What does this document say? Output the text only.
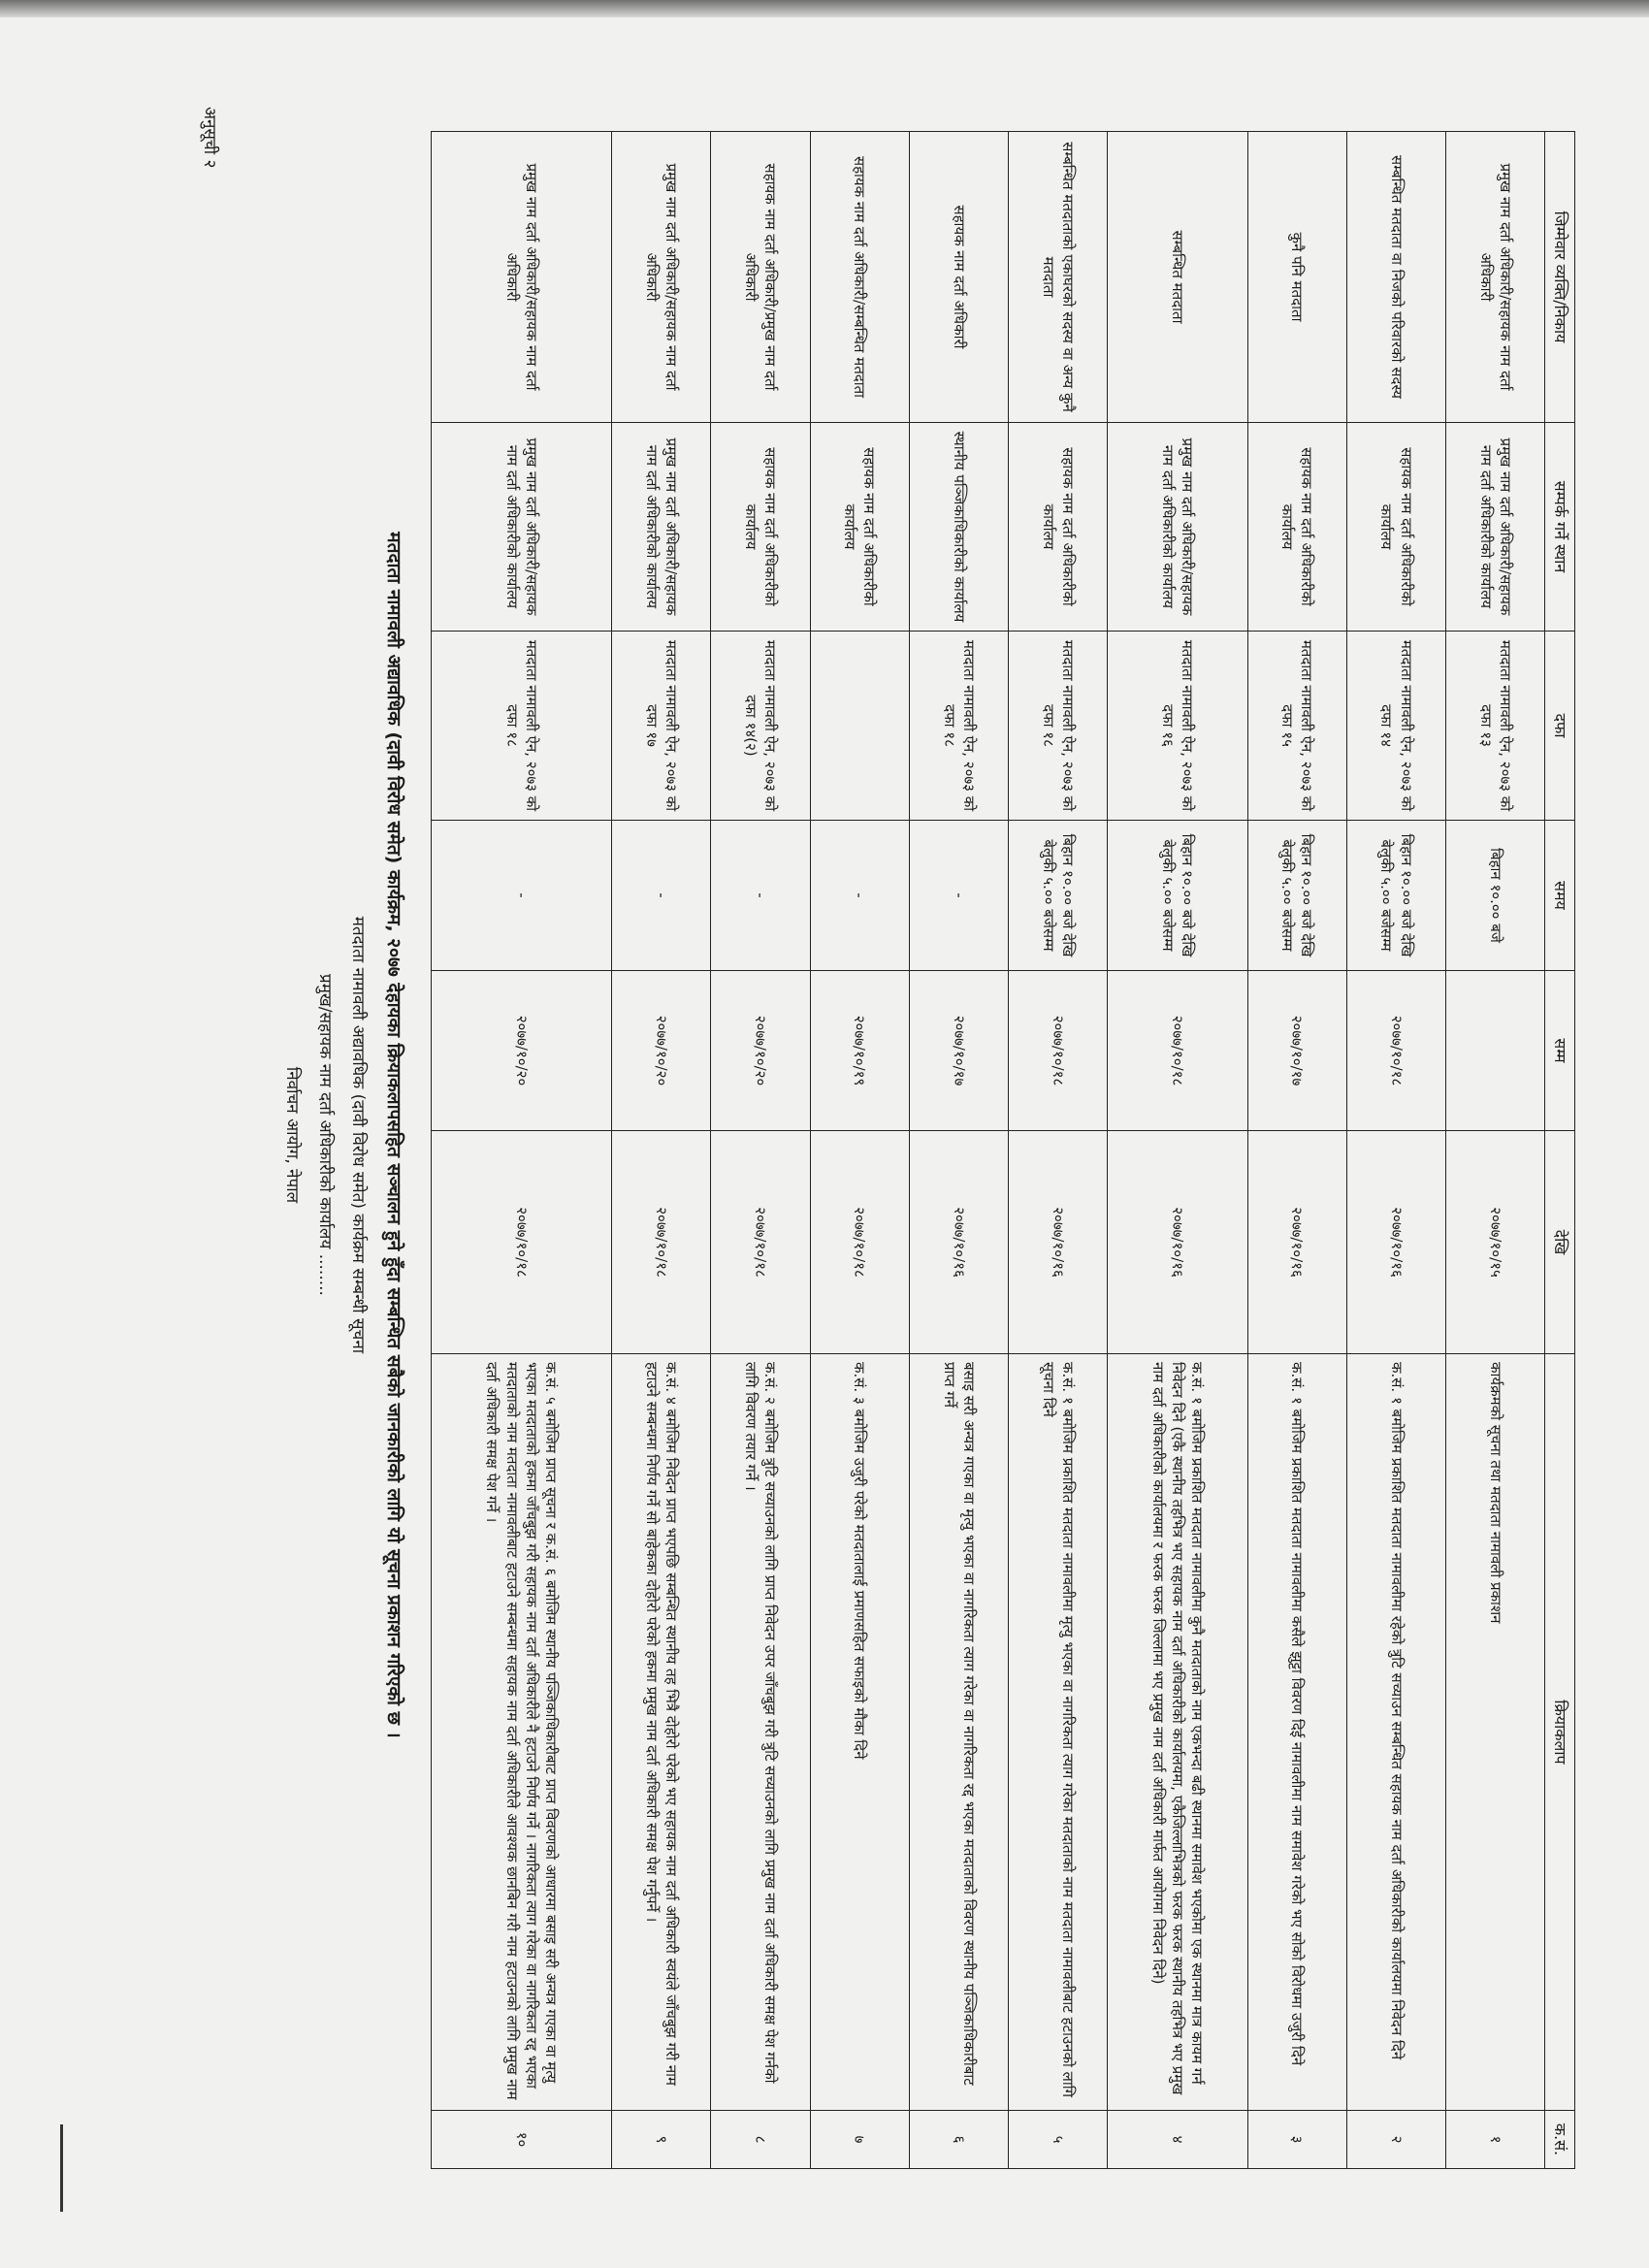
अनुसूची २
निर्वाचन आयोग, नेपाल प्रमुख/सहायक नाम दर्ता अधिकारीको कार्यालय ........ मतदाता नामावली अद्यावधिक (दावी विरोध समेत) कार्यक्रम सम्बन्धी सूचना मतदाता नामावली अद्यावधिक (दावी विरोध समेत) कार्यक्रम, २०७७ देहायका क्रियाकलापसहित सञ्चालन हुने हुँदा सम्बन्धित सबैको जानकारीको लागि यो सूचना प्रकाशन गरिएको छ ।
जिम्मेवार व्यक्ति/निकाय	सम्पर्क गर्ने स्थान	दफा	समय	सम्म	देखि	क्रियाकलाप	क.सं.
प्रमुख नाम दर्ता अधिकारी/सहायक नाम दर्ता अधिकारी	प्रमुख नाम दर्ता अधिकारी/सहायक नाम दर्ता अधिकारीको कार्यालय	मतदाता नामावली ऐन, २०७३ को दफा १३	बिहान १०.०० बजे		२०७७/१०/१५	कार्यक्रमको सूचना तथा मतदाता नामावली प्रकाशन	१
सम्बन्धित मतदाता वा निजको परिवारको सदस्य	सहायक नाम दर्ता अधिकारीको कार्यालय	मतदाता नामावली ऐन, २०७३ को दफा १४	बिहान १०.०० बजे देखि बेलुकी ५.०० बजेसम्म	२०७७/१०/१८	२०७७/१०/१६	क.सं. १ बमोजिम प्रकाशित मतदाता नामावलीमा रहेको त्रुटि सच्याउन सम्बन्धित सहायक नाम दर्ता अधिकारीको कार्यालयमा निवेदन दिने	२
कुनै पनि मतदाता	सहायक नाम दर्ता अधिकारीको कार्यालय	मतदाता नामावली ऐन, २०७३ को दफा १५	बिहान १०.०० बजे देखि बेलुकी ५.०० बजेसम्म	२०७७/१०/१७	२०७७/१०/१६	क.सं. १ बमोजिम प्रकाशित मतदाता नामावलीमा कसैले झुट्टा विवरण दिई नामावलीमा नाम समावेश गरेको भए सोको विरोधमा उजुरी दिने	३
सम्बन्धित मतदाता	प्रमुख नाम दर्ता अधिकारी/सहायक नाम दर्ता अधिकारीको कार्यालय	मतदाता नामावली ऐन, २०७३ को दफा १६	बिहान १०.०० बजे देखि बेलुकी ५.०० बजेसम्म	२०७७/१०/१८	२०७७/१०/१६	क.सं. १ बमोजिम प्रकाशित मतदाता नामावलीमा कुनै मतदाताको नाम एकभन्दा बढी स्थानमा समावेश भएकोमा एक स्थानमा मात्र कायम गर्न निवेदन दिने (एकै स्थानीय तहभित्र भए सहायक नाम दर्ता अधिकारीको कार्यालयमा, एकैजिल्लाभित्रको फरक फरक स्थानीय तहभित्र भए प्रमुख नाम दर्ता अधिकारीको कार्यालयमा र फरक फरक जिल्लामा भए प्रमुख नाम दर्ता अधिकारी मार्फत आयोगमा निवेदन दिने)	४
सम्बन्धित मतदाताको एकाघरको सदस्य वा अन्य कुनै मतदाता	सहायक नाम दर्ता अधिकारीको कार्यालय	मतदाता नामावली ऐन, २०७३ को दफा १८	बिहान १०.०० बजे देखि बेलुकी ५.०० बजेसम्म	२०७७/१०/१८	२०७७/१०/१६	क.सं. १ बमोजिम प्रकाशित मतदाता नामावलीमा मृत्यु भएका वा नागरिकता त्याग गरेका मतदाताको नाम मतदाता नामावलीबाट हटाउनको लागि सूचना दिने	५
सहायक नाम दर्ता अधिकारी	स्थानीय पञ्जिकाधिकारीको कार्यालय	मतदाता नामावली ऐन, २०७३ को दफा १८	-	२०७७/१०/१७	२०७७/१०/१६	बसाइ सरी अन्यत्र गएका वा मृत्यु भएका वा नागरिकता त्याग गरेका वा नागरिकता रद्द भएका मतदाताको विवरण स्थानीय पञ्जिकाधिकारीबाट प्राप्त गर्ने	६
सहायक नाम दर्ता अधिकारी/सम्बन्धित मतदाता	सहायक नाम दर्ता अधिकारीको कार्यालय		-	२०७७/१०/१९	२०७७/१०/१८	क.सं. ३ बमोजिम उजुरी परेको मतदातालाई प्रमाणसहित सफाइको मौका दिने	७
सहायक नाम दर्ता अधिकारी/प्रमुख नाम दर्ता अधिकारी	सहायक नाम दर्ता अधिकारीको कार्यालय	मतदाता नामावली ऐन, २०७३ को दफा १४(२)	-	२०७७/१०/२०	२०७७/१०/१८	क.सं. २ बमोजिम त्रुटि सच्याउनको लागि प्राप्त निवेदन उपर जाँचबुझ गरी त्रुटि सच्याउनको लागि प्रमुख नाम दर्ता अधिकारी समक्ष पेश गर्नको लागि विवरण तयार गर्ने ।	८
प्रमुख नाम दर्ता अधिकारी/सहायक नाम दर्ता अधिकारी	प्रमुख नाम दर्ता अधिकारी/सहायक नाम दर्ता अधिकारीको कार्यालय	मतदाता नामावली ऐन, २०७३ को दफा १७	-	२०७७/१०/२०	२०७७/१०/१८	क.सं. ४ बमोजिम निवेदन प्राप्त भएपछि सम्बन्धित स्थानीय तह भित्रै दोहोरो परेको भए सहायक नाम दर्ता अधिकारी स्वयंले जाँचबुझ गरी नाम हटाउने सम्बन्धमा निर्णय गर्ने सो बाहेकका दोहोरो परेको हकमा प्रमुख नाम दर्ता अधिकारी समक्ष पेश गर्नुपर्ने ।	९
प्रमुख नाम दर्ता अधिकारी/सहायक नाम दर्ता अधिकारी	प्रमुख नाम दर्ता अधिकारी/सहायक नाम दर्ता अधिकारीको कार्यालय	मतदाता नामावली ऐन, २०७३ को दफा १८	-	२०७७/१०/२०	२०७७/१०/१८	क.सं. ५ बमोजिम प्राप्त सूचना र क.सं. ६ बमोजिम स्थानीय पञ्जिकाधिकारीबाट प्राप्त विवरणको आधारमा बसाइ सरी अन्यत्र गएका वा मृत्यु भएका मतदाताको हकमा जाँचबुझ गरी सहायक नाम दर्ता अधिकारीले नै हटाउने निर्णय गर्ने । नागरिकता त्याग गरेका वा नागरिकता रद्द भएका मतदाताको नाम मतदाता नामावलीबाट हटाउने सम्बन्धमा सहायक नाम दर्ता अधिकारीले आवश्यक छानबिन गरी नाम हटाउनको लागि प्रमुख नाम दर्ता अधिकारी समक्ष पेश गर्ने ।	१०
